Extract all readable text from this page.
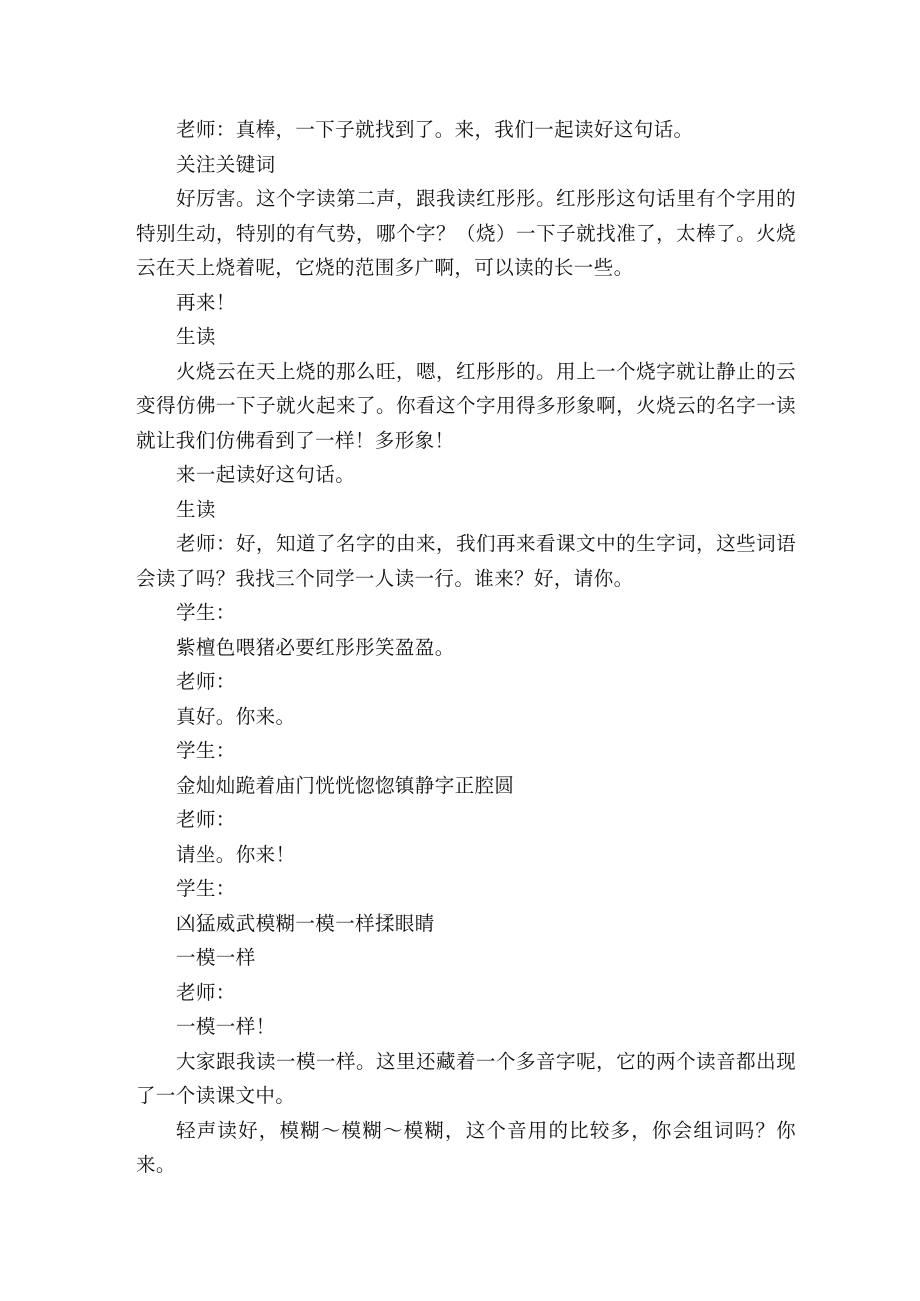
老师：真棒，一下子就找到了。来，我们一起读好这句话。

关注关键词

好厉害。这个字读第二声，跟我读红彤彤。红彤彤这句话里有个字用的特别生动，特别的有气势，哪个字？（烧）一下子就找准了，太棒了。火烧云在天上烧着呢，它烧的范围多广啊，可以读的长一些。

再来！

生读

火烧云在天上烧的那么旺，嗯，红彤彤的。用上一个烧字就让静止的云变得仿佛一下子就火起来了。你看这个字用得多形象啊，火烧云的名字一读就让我们仿佛看到了一样！多形象！

来一起读好这句话。

生读

老师：好，知道了名字的由来，我们再来看课文中的生字词，这些词语会读了吗？我找三个同学一人读一行。谁来？好，请你。

学生：

紫檀色喂猪必要红彤彤笑盈盈。

老师：

真好。你来。

学生：

金灿灿跪着庙门恍恍惚惚镇静字正腔圆

老师：

请坐。你来！

学生：

凶猛威武模糊一模一样揉眼睛

一模一样

老师：

一模一样！

大家跟我读一模一样。这里还藏着一个多音字呢，它的两个读音都出现了一个读课文中。

轻声读好，模糊～模糊～模糊，这个音用的比较多，你会组词吗？你来。
